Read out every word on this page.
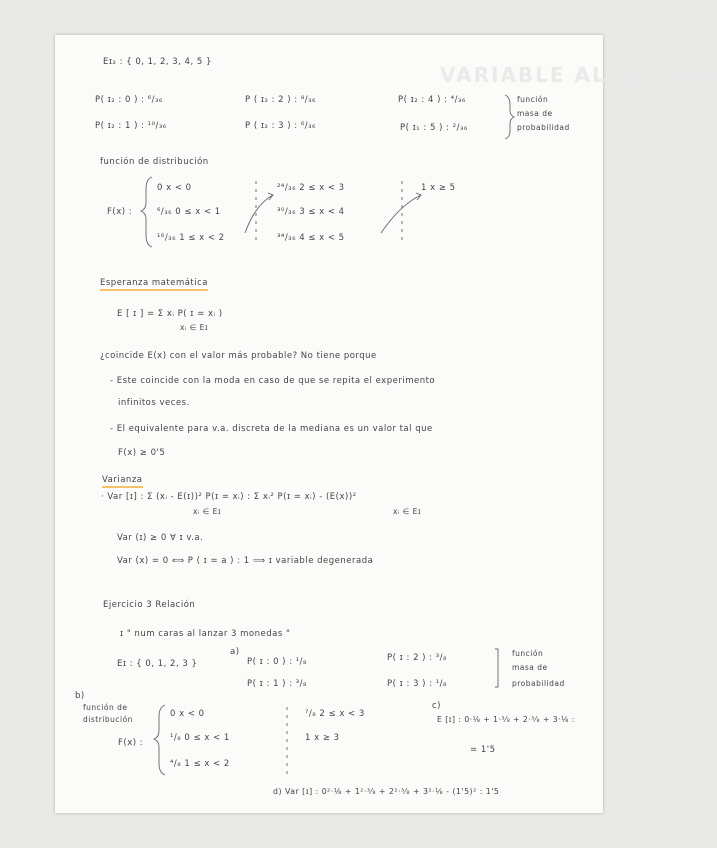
VARIABLE ALEATORIA
Eɪ₂ : { 0, 1, 2, 3, 4, 5 }
P( ɪ₂ : 0 ) : ⁶/₃₆
P( ɪ₂ : 1 ) : ¹⁰/₃₆
P ( ɪ₂ : 2 ) : ⁸/₃₆
P ( ɪ₂ : 3 ) : ⁶/₃₆
P( ɪ₂ : 4 ) : ⁴/₃₆
P( ɪ₁ : 5 ) : ²/₃₆
función
masa de
probabilidad
función de distribución
F(x) :
0 x < 0
⁶/₃₆ 0 ≤ x < 1
¹⁶/₃₆ 1 ≤ x < 2
²⁴/₃₆ 2 ≤ x < 3
³⁰/₃₆ 3 ≤ x < 4
³⁴/₃₆ 4 ≤ x < 5
1 x ≥ 5
Esperanza matemática
E [ ɪ ] = Σ xᵢ P( ɪ = xᵢ )
xᵢ ∈ Eɪ
¿coincide E(x) con el valor más probable? No tiene porque
- Este coincide con la moda en caso de que se repita el experimento
infinitos veces.
- El equivalente para v.a. discreta de la mediana es un valor tal que
F(x) ≥ 0'5
Varianza
· Var [ɪ] : Σ (xᵢ - E(ɪ))² P(ɪ = xᵢ) : Σ xᵢ² P(ɪ = xᵢ) - (E(x))²
xᵢ ∈ Eɪ	xᵢ ∈ Eɪ
Var (ɪ) ≥ 0 ∀ ɪ v.a.
Var (x) = 0 ⟺ P ( ɪ = a ) : 1 ⟹ ɪ variable degenerada
Ejercicio 3 Relación
ɪ " num caras al lanzar 3 monedas "
Eɪ : { 0, 1, 2, 3 }
a)
P( ɪ : 0 ) : ¹/₈
P( ɪ : 1 ) : ³/₈
P( ɪ : 2 ) : ³/₈
P( ɪ : 3 ) : ¹/₈
función
masa de
probabilidad
b)
función de
distribución
F(x) :
0 x < 0
¹/₈ 0 ≤ x < 1
⁴/₈ 1 ≤ x < 2
⁷/₈ 2 ≤ x < 3
1 x ≥ 3
c)
E [ɪ] : 0·⅛ + 1·³⁄₈ + 2·³⁄₈ + 3·⅛ :
= 1'5
d) Var [ɪ] : 0²·⅛ + 1²·³⁄₈ + 2²·³⁄₈ + 3²·⅛ - (1'5)² : 1'5
